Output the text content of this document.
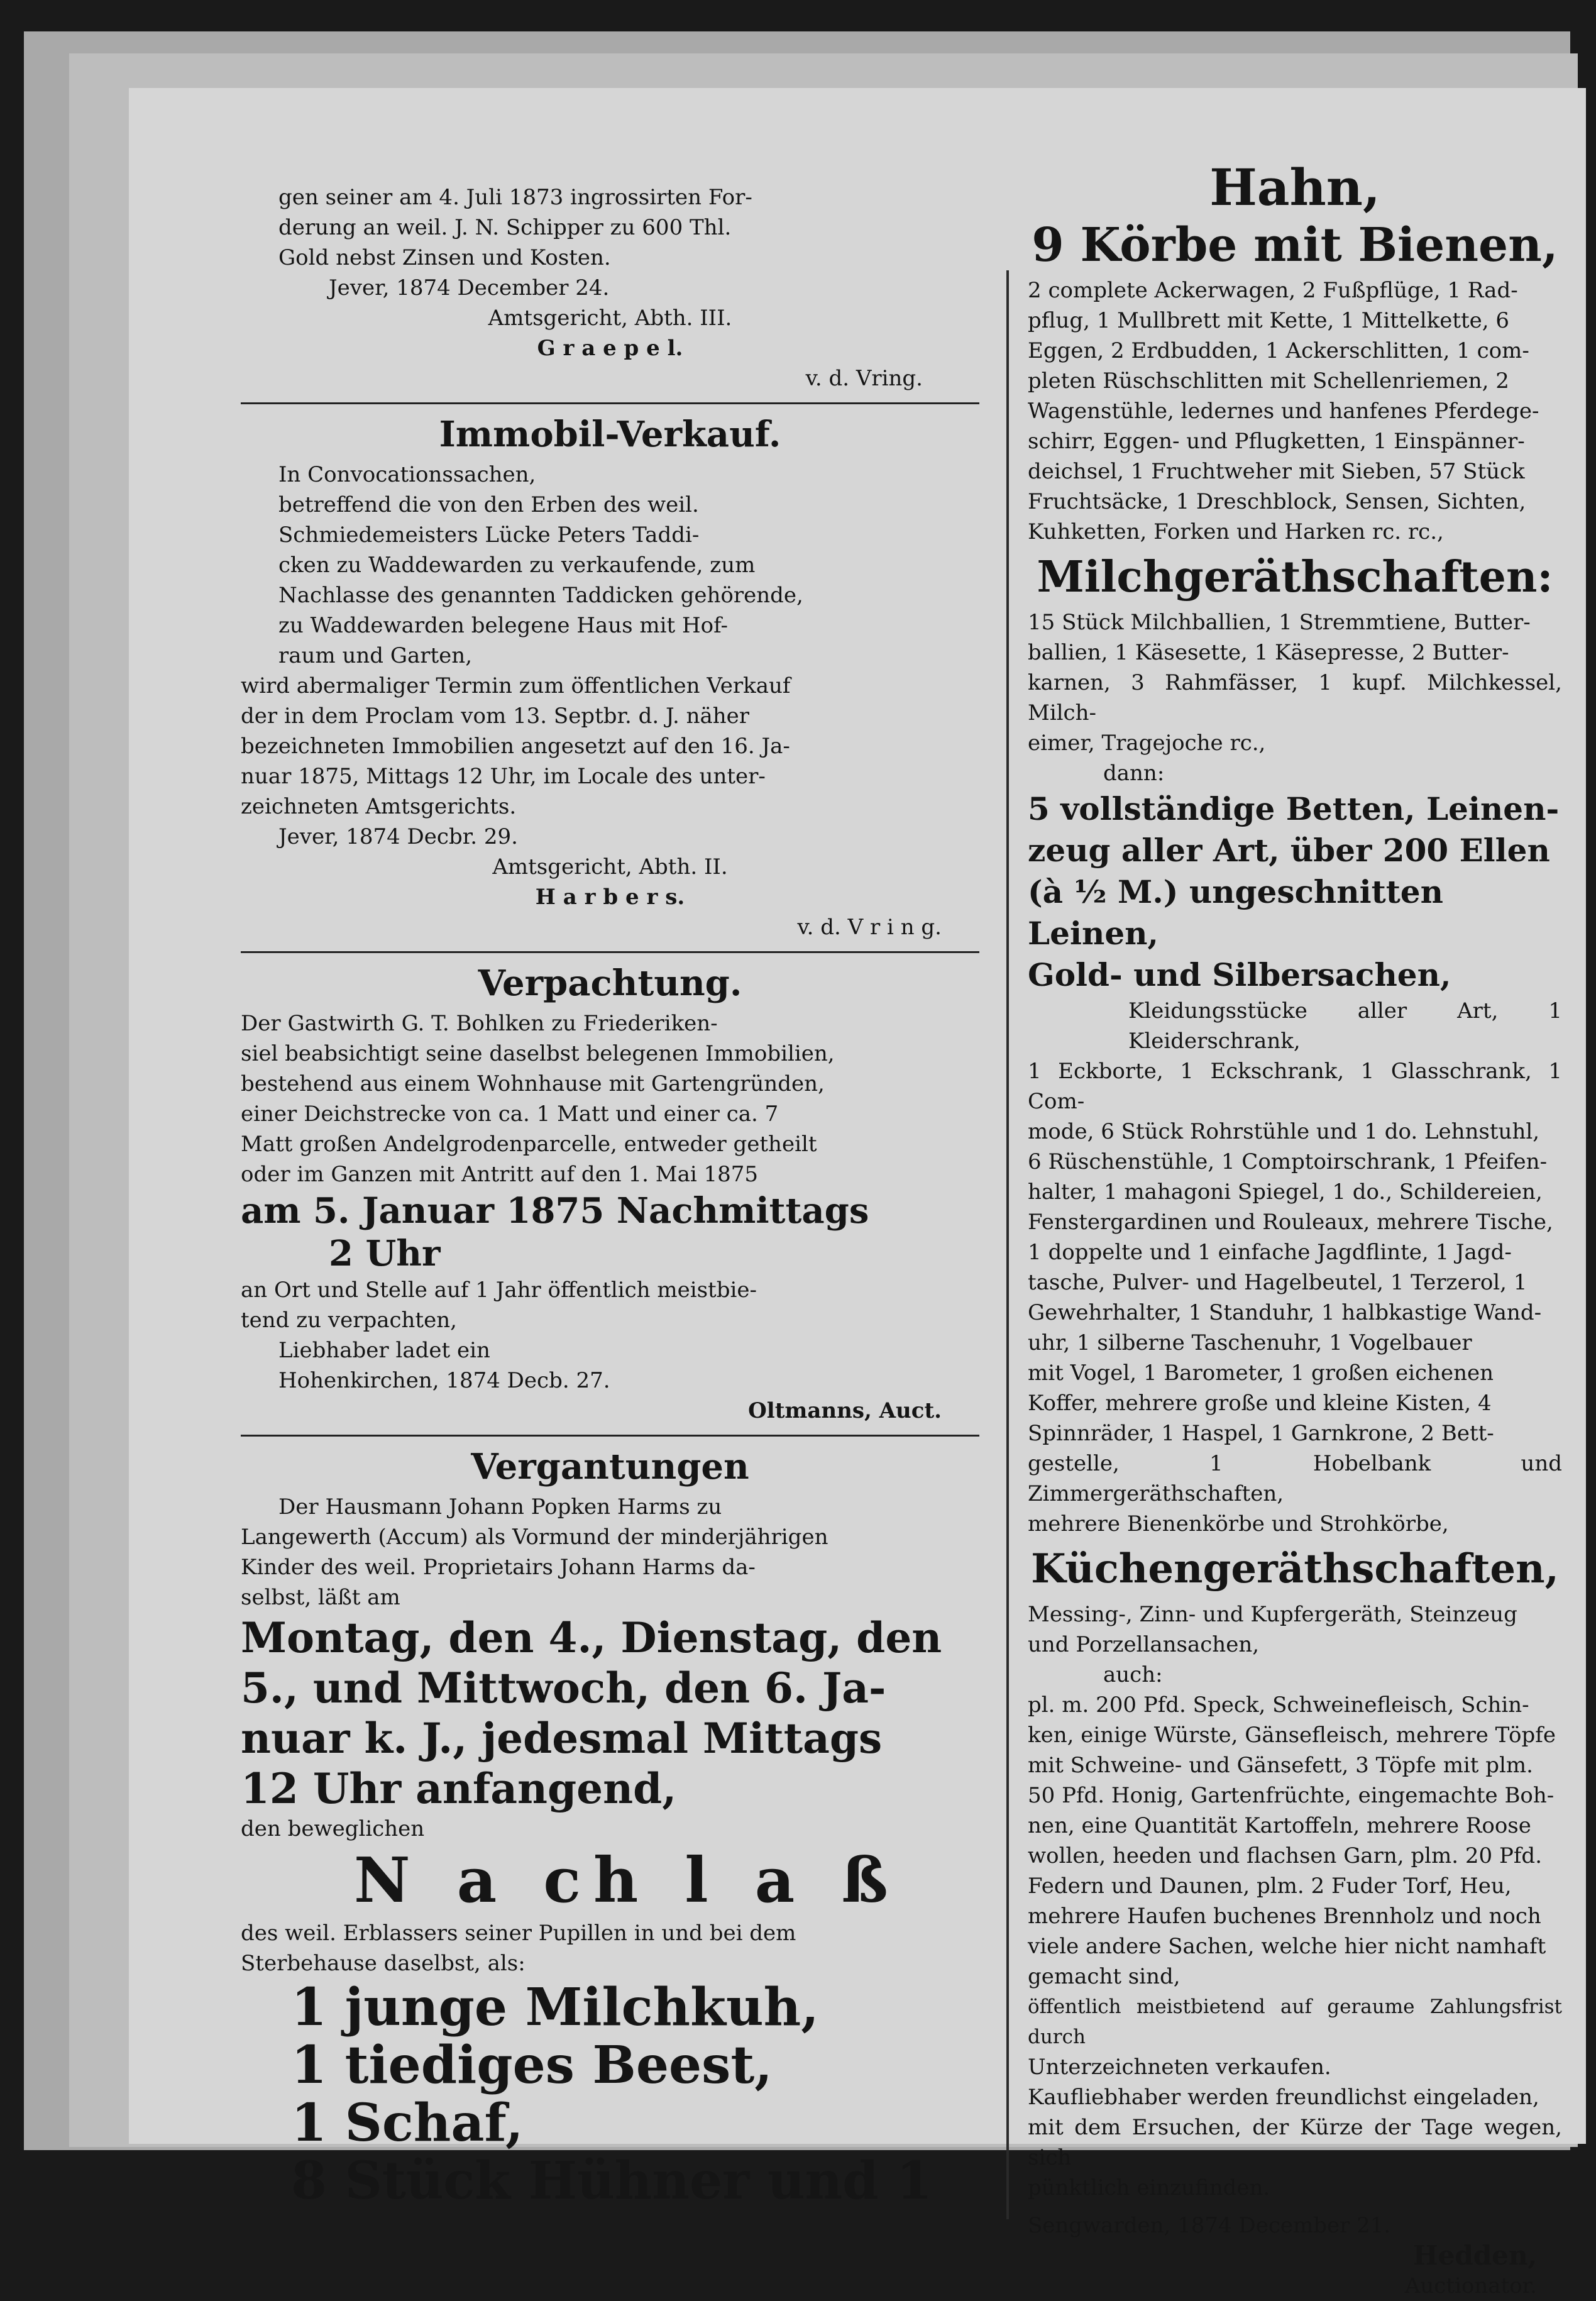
gen seiner am 4. Juli 1873 ingrossirten For-
derung an weil. J. N. Schipper zu 600 Thl.
Gold nebst Zinsen und Kosten.
Jever, 1874 December 24.
Amtsgericht, Abth. III.
G r a e p e l.
v. d. Vring.
Immobil-Verkauf.
In Convocationssachen,
betreffend die von den Erben des weil.
Schmiedemeisters Lücke Peters Taddi-
cken zu Waddewarden zu verkaufende, zum
Nachlasse des genannten Taddicken gehörende,
zu Waddewarden belegene Haus mit Hof-
raum und Garten,
wird abermaliger Termin zum öffentlichen Verkauf
der in dem Proclam vom 13. Septbr. d. J. näher
bezeichneten Immobilien angesetzt auf den 16. Ja-
nuar 1875, Mittags 12 Uhr, im Locale des unter-
zeichneten Amtsgerichts.
Jever, 1874 Decbr. 29.
Amtsgericht, Abth. II.
H a r b e r s.
v. d. V r i n g.
Verpachtung.
Der Gastwirth G. T. Bohlken zu Friederiken-
siel beabsichtigt seine daselbst belegenen Immobilien,
bestehend aus einem Wohnhause mit Gartengründen,
einer Deichstrecke von ca. 1 Matt und einer ca. 7
Matt großen Andelgrodenparcelle, entweder getheilt
oder im Ganzen mit Antritt auf den 1. Mai 1875
am 5. Januar 1875 Nachmittags
2 Uhr
an Ort und Stelle auf 1 Jahr öffentlich meistbie-
tend zu verpachten,
Liebhaber ladet ein
Hohenkirchen, 1874 Decb. 27.
Oltmanns, Auct.
Vergantungen
Der Hausmann Johann Popken Harms zu
Langewerth (Accum) als Vormund der minderjährigen
Kinder des weil. Proprietairs Johann Harms da-
selbst, läßt am
Montag, den 4., Dienstag, den
5., und Mittwoch, den 6. Ja-
nuar k. J., jedesmal Mittags
12 Uhr anfangend,
den beweglichen
N a ch l a ß
des weil. Erblassers seiner Pupillen in und bei dem
Sterbehause daselbst, als:
1 junge Milchkuh,
1 tiediges Beest,
1 Schaf,
8 Stück Hühner und 1
Hahn,
9 Körbe mit Bienen,
2 complete Ackerwagen, 2 Fußpflüge, 1 Rad-
pflug, 1 Mullbrett mit Kette, 1 Mittelkette, 6
Eggen, 2 Erdbudden, 1 Ackerschlitten, 1 com-
pleten Rüschschlitten mit Schellenriemen, 2
Wagenstühle, ledernes und hanfenes Pferdege-
schirr, Eggen- und Pflugketten, 1 Einspänner-
deichsel, 1 Fruchtweher mit Sieben, 57 Stück
Fruchtsäcke, 1 Dreschblock, Sensen, Sichten,
Kuhketten, Forken und Harken rc. rc.,
Milchgeräthschaften:
15 Stück Milchballien, 1 Stremmtiene, Butter-
ballien, 1 Käsesette, 1 Käsepresse, 2 Butter-
karnen, 3 Rahmfässer, 1 kupf. Milchkessel, Milch-
eimer, Tragejoche rc.,
dann:
5 vollständige Betten, Leinen-
zeug aller Art, über 200 Ellen
(à ½ M.) ungeschnitten Leinen,
Gold- und Silbersachen,
Kleidungsstücke aller Art, 1 Kleiderschrank,
1 Eckborte, 1 Eckschrank, 1 Glasschrank, 1 Com-
mode, 6 Stück Rohrstühle und 1 do. Lehnstuhl,
6 Rüschenstühle, 1 Comptoirschrank, 1 Pfeifen-
halter, 1 mahagoni Spiegel, 1 do., Schildereien,
Fenstergardinen und Rouleaux, mehrere Tische,
1 doppelte und 1 einfache Jagdflinte, 1 Jagd-
tasche, Pulver- und Hagelbeutel, 1 Terzerol, 1
Gewehrhalter, 1 Standuhr, 1 halbkastige Wand-
uhr, 1 silberne Taschenuhr, 1 Vogelbauer
mit Vogel, 1 Barometer, 1 großen eichenen
Koffer, mehrere große und kleine Kisten, 4
Spinnräder, 1 Haspel, 1 Garnkrone, 2 Bett-
gestelle, 1 Hobelbank und Zimmergeräthschaften,
mehrere Bienenkörbe und Strohkörbe,
Küchengeräthschaften,
Messing-, Zinn- und Kupfergeräth, Steinzeug
und Porzellansachen,
auch:
pl. m. 200 Pfd. Speck, Schweinefleisch, Schin-
ken, einige Würste, Gänsefleisch, mehrere Töpfe
mit Schweine- und Gänsefett, 3 Töpfe mit plm.
50 Pfd. Honig, Gartenfrüchte, eingemachte Boh-
nen, eine Quantität Kartoffeln, mehrere Roose
wollen, heeden und flachsen Garn, plm. 20 Pfd.
Federn und Daunen, plm. 2 Fuder Torf, Heu,
mehrere Haufen buchenes Brennholz und noch
viele andere Sachen, welche hier nicht namhaft
gemacht sind,
öffentlich meistbietend auf geraume Zahlungsfrist durch
Unterzeichneten verkaufen.
Kaufliebhaber werden freundlichst eingeladen,
mit dem Ersuchen, der Kürze der Tage wegen, sich
pünktlich einzufinden.
Sengwarden, 1874 December 21.
Hedden,
Auctionator.
